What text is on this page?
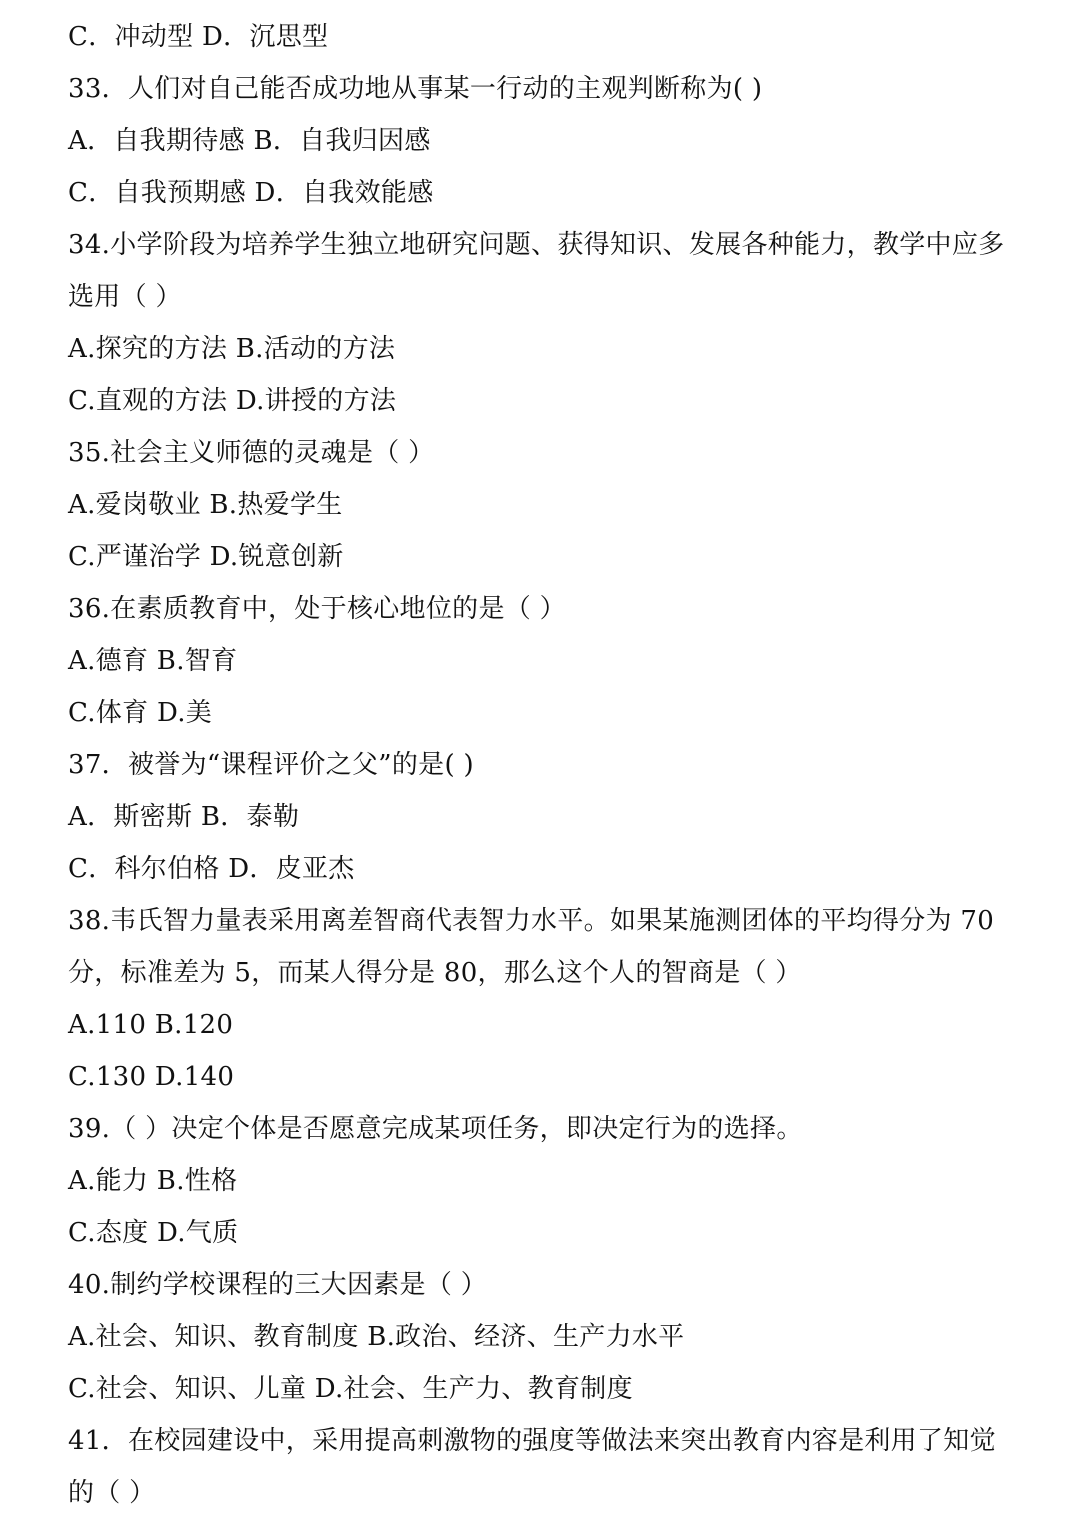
C．冲动型 D．沉思型
33．人们对自己能否成功地从事某一行动的主观判断称为( )
A．自我期待感 B．自我归因感
C．自我预期感 D．自我效能感
34.小学阶段为培养学生独立地研究问题、获得知识、发展各种能力，教学中应多
选用（ ）
A.探究的方法 B.活动的方法
C.直观的方法 D.讲授的方法
35.社会主义师德的灵魂是（ ）
A.爱岗敬业 B.热爱学生
C.严谨治学 D.锐意创新
36.在素质教育中，处于核心地位的是（ ）
A.德育 B.智育
C.体育 D.美
37．被誉为“课程评价之父”的是( )
A．斯密斯 B．泰勒
C．科尔伯格 D．皮亚杰
38.韦氏智力量表采用离差智商代表智力水平。如果某施测团体的平均得分为 70
分，标准差为 5，而某人得分是 80，那么这个人的智商是（ ）
A.110 B.120
C.130 D.140
39.（ ）决定个体是否愿意完成某项任务，即决定行为的选择。
A.能力 B.性格
C.态度 D.气质
40.制约学校课程的三大因素是（ ）
A.社会、知识、教育制度 B.政治、经济、生产力水平
C.社会、知识、儿童 D.社会、生产力、教育制度
41．在校园建设中，采用提高刺激物的强度等做法来突出教育内容是利用了知觉
的（ ）
